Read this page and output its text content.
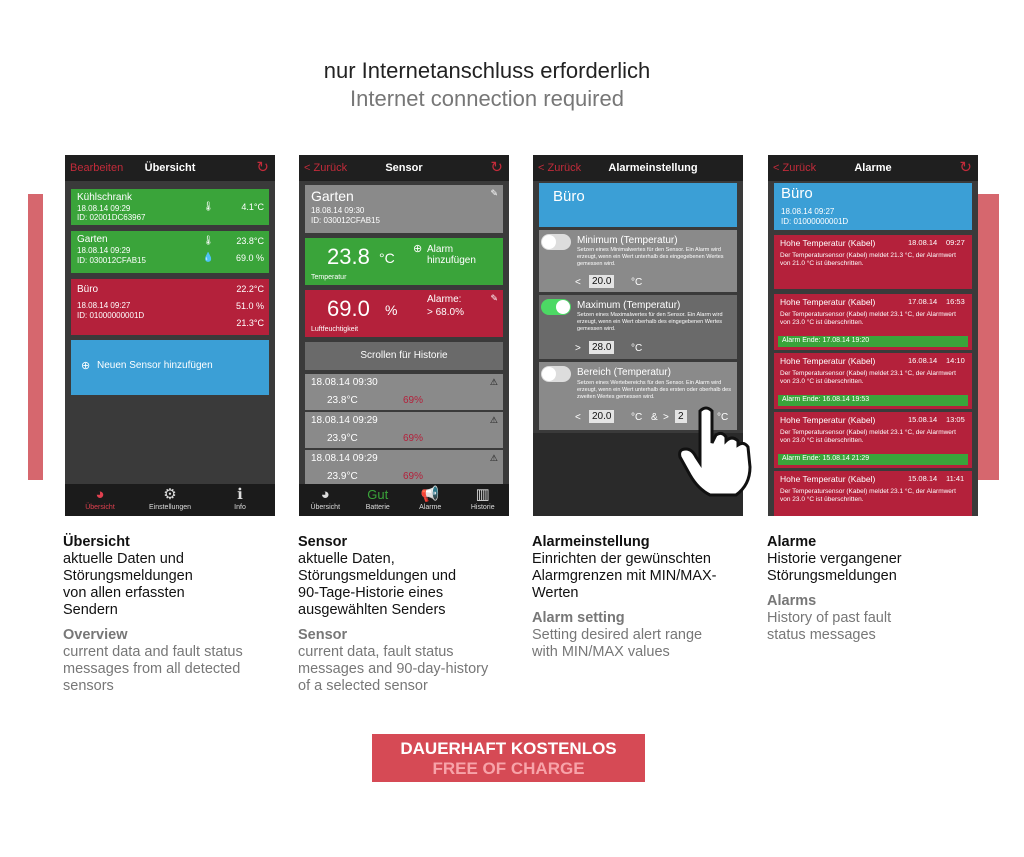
nur Internetanschluss erforderlich
Internet connection required
Bearbeiten	Übersicht	↻
Kühlschrank
18.08.14 09:29
ID: 02001DC63967
🌡	4.1°C
Garten
18.08.14 09:29
ID: 030012CFAB15
🌡 23.8°C
💧 69.0 %
Büro
18.08.14 09:27
ID: 01000000001D
22.2°C
51.0 %
21.3°C
⊕ Neuen Sensor hinzufügen
◕
Übersicht
⚙
Einstellungen
ℹ
Info
< Zurück	Sensor	↻
Garten
18.08.14 09:30
ID: 030012CFAB15
✎
23.8 °C
Temperatur
⊕ Alarm hinzufügen
69.0 %
Luftfeuchtigkeit
Alarme:
> 68.0%
✎
Scrollen für Historie
18.08.14 09:30	⚠
23.8°C	69%
18.08.14 09:29	⚠
23.9°C	69%
18.08.14 09:29	⚠
23.9°C	69%
◕
Übersicht
Gut
Batterie
📢
Alarme
▥
Historie
< Zurück	Alarmeinstellung
Büro
Minimum (Temperatur)
Setzen eines Minimalwertes für den Sensor. Ein Alarm wird erzeugt, wenn ein Wert unterhalb des eingegebenen Wertes gemessen wird.
<	20.0	°C
Maximum (Temperatur)
Setzen eines Maximalwertes für den Sensor. Ein Alarm wird erzeugt, wenn ein Wert oberhalb des eingegebenen Wertes gemessen wird.
>	28.0	°C
Bereich (Temperatur)
Setzen eines Wertebereichs für den Sensor. Ein Alarm wird erzeugt, wenn ein Wert unterhalb des ersten oder oberhalb des zweiten Wertes gemessen wird.
<	20.0	°C & > 2	°C
< Zurück	Alarme	↻
Büro
18.08.14 09:27
ID: 01000000001D
Hohe Temperatur (Kabel)	18.08.14 09:27
Der Temperatursensor (Kabel) meldet 21.3 °C, der Alarmwert von 21.0 °C ist überschritten.
Hohe Temperatur (Kabel)	17.08.14 16:53
Der Temperatursensor (Kabel) meldet 23.1 °C, der Alarmwert von 23.0 °C ist überschritten.
Alarm Ende: 17.08.14 19:20
Hohe Temperatur (Kabel)	16.08.14 14:10
Der Temperatursensor (Kabel) meldet 23.1 °C, der Alarmwert von 23.0 °C ist überschritten.
Alarm Ende: 16.08.14 19:53
Hohe Temperatur (Kabel)	15.08.14 13:05
Der Temperatursensor (Kabel) meldet 23.1 °C, der Alarmwert von 23.0 °C ist überschritten.
Alarm Ende: 15.08.14 21:29
Hohe Temperatur (Kabel)	15.08.14 11:41
Der Temperatursensor (Kabel) meldet 23.1 °C, der Alarmwert von 23.0 °C ist überschritten.
Übersicht
aktuelle Daten und Störungsmeldungen von allen erfassten Sendern
Overview
current data and fault status messages from all detected sensors
Sensor
aktuelle Daten, Störungsmeldungen und 90-Tage-Historie eines ausgewählten Senders
Sensor
current data, fault status messages and 90-day-history of a selected sensor
Alarmeinstellung
Einrichten der gewünschten Alarmgrenzen mit MIN/MAX-Werten
Alarm setting
Setting desired alert range with MIN/MAX values
Alarme
Historie vergangener Störungsmeldungen
Alarms
History of past fault status messages
DAUERHAFT KOSTENLOS
FREE OF CHARGE
